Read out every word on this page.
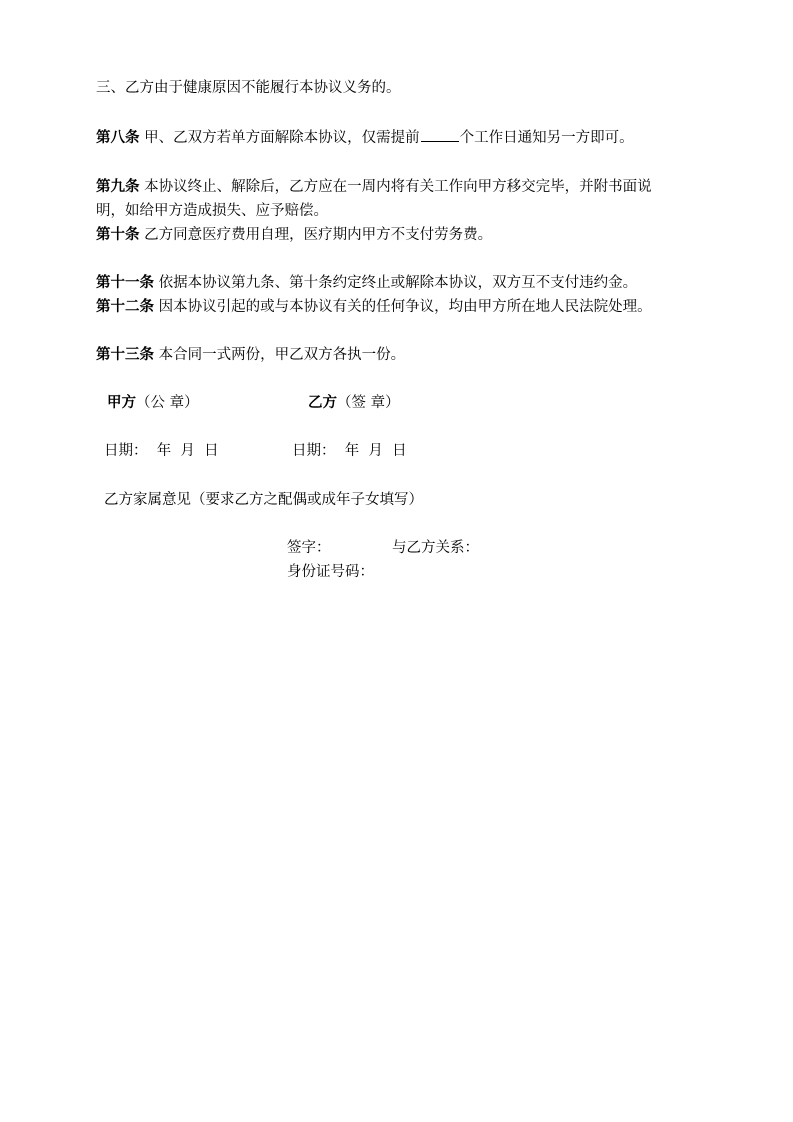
三、乙方由于健康原因不能履行本协议义务的。
第八条 甲、乙双方若单方面解除本协议，仅需提前	个工作日通知另一方即可。
第九条 本协议终止、解除后，乙方应在一周内将有关工作向甲方移交完毕，并附书面说
明，如给甲方造成损失、应予赔偿。
第十条 乙方同意医疗费用自理，医疗期内甲方不支付劳务费。
第十一条 依据本协议第九条、第十条约定终止或解除本协议，双方互不支付违约金。
第十二条 因本协议引起的或与本协议有关的任何争议，均由甲方所在地人民法院处理。
第十三条 本合同一式两份，甲乙双方各执一份。
甲方（公 章）	乙方（签 章）
日期：  年  月  日	日期：  年  月  日
乙方家属意见（要求乙方之配偶或成年子女填写）
签字：	与乙方关系：
身份证号码：
